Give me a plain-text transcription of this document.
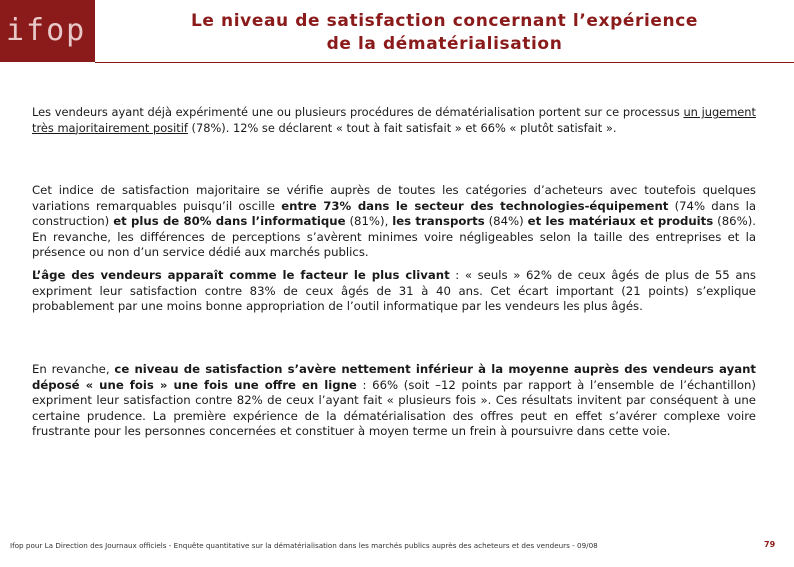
ifop	Le niveau de satisfaction concernant l’expérience
de la dématérialisation
Les vendeurs ayant déjà expérimenté une ou plusieurs procédures de dématérialisation portent sur ce processus un jugement très majoritairement positif (78%). 12% se déclarent « tout à fait satisfait » et 66% « plutôt satisfait ».
Cet indice de satisfaction majoritaire se vérifie auprès de toutes les catégories d’acheteurs avec toutefois quelques variations remarquables puisqu’il oscille entre 73% dans le secteur des technologies-équipement (74% dans la construction) et plus de 80% dans l’informatique (81%), les transports (84%) et les matériaux et produits (86%). En revanche, les différences de perceptions s’avèrent minimes voire négligeables selon la taille des entreprises et la présence ou non d’un service dédié aux marchés publics.
L’âge des vendeurs apparaît comme le facteur le plus clivant : « seuls » 62% de ceux âgés de plus de 55 ans expriment leur satisfaction contre 83% de ceux âgés de 31 à 40 ans. Cet écart important (21 points) s’explique probablement par une moins bonne appropriation de l’outil informatique par les vendeurs les plus âgés.
En revanche, ce niveau de satisfaction s’avère nettement inférieur à la moyenne auprès des vendeurs ayant déposé « une fois » une fois une offre en ligne : 66% (soit –12 points par rapport à l’ensemble de l’échantillon) expriment leur satisfaction contre 82% de ceux l’ayant fait « plusieurs fois ». Ces résultats invitent par conséquent à une certaine prudence. La première expérience de la dématérialisation des offres peut en effet s’avérer complexe voire frustrante pour les personnes concernées et constituer à moyen terme un frein à poursuivre dans cette voie.
Ifop pour La Direction des Journaux officiels - Enquête quantitative sur la dématérialisation dans les marchés publics auprès des acheteurs et des vendeurs - 09/08	79
